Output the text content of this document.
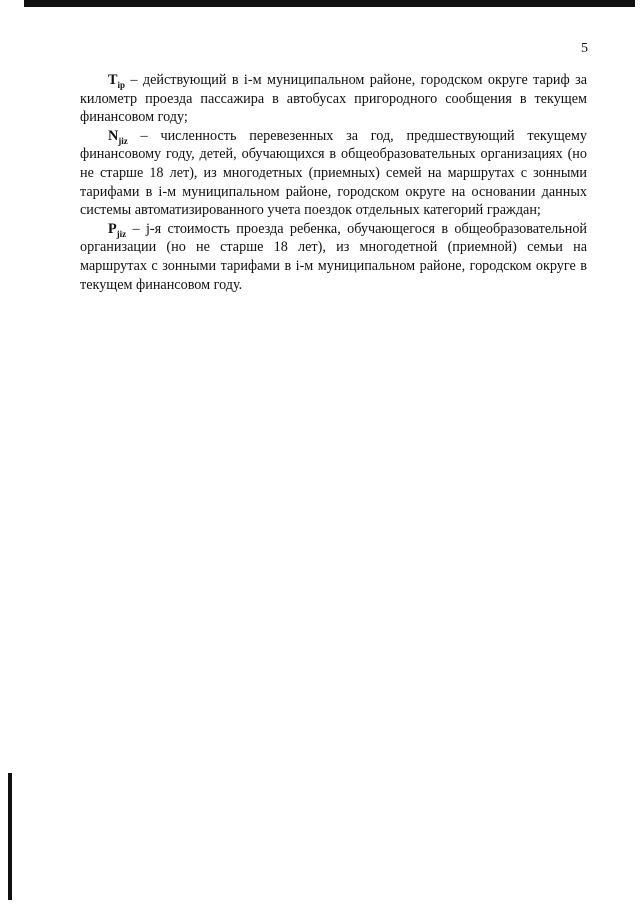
5

$T_{ip}$ – действующий в i-м муниципальном районе, городском округе тариф за километр проезда пассажира в автобусах пригородного сообщения в текущем финансовом году;

$N_{jiz}$ – численность перевезенных за год, предшествующий текущему финансовому году, детей, обучающихся в общеобразовательных организациях (но не старше 18 лет), из многодетных (приемных) семей на маршрутах с зонными тарифами в i-м муниципальном районе, городском округе на основании данных системы автоматизированного учета поездок отдельных категорий граждан;

$P_{jiz} - j-я$ стоимость проезда ребенка, обучающегося в общеобразовательной организации (но не старше 18 лет), из многодетной (приемной) семьи на маршрутах с зонными тарифами в i-м муниципальном районе, городском округе в текущем финансовом году.
